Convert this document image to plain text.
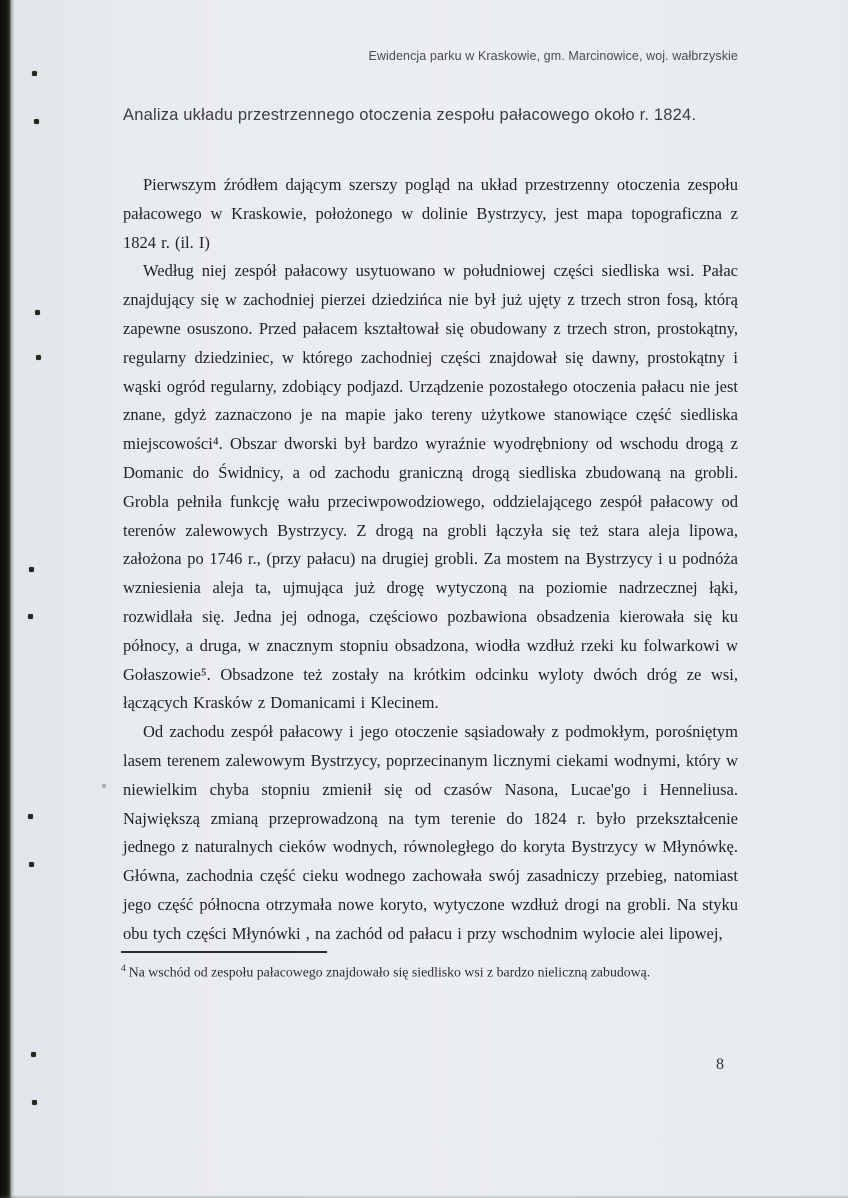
Ewidencja parku w Kraskowie, gm. Marcinowice, woj. wałbrzyskie
Analiza układu przestrzennego otoczenia zespołu pałacowego około r. 1824.

Pierwszym źródłem dającym szerszy pogląd na układ przestrzenny otoczenia zespołu pałacowego w Kraskowie, położonego w dolinie Bystrzycy, jest mapa topograficzna z 1824 r. (il. I)

Według niej zespół pałacowy usytuowano w południowej części siedliska wsi. Pałac znajdujący się w zachodniej pierzei dziedzińca nie był już ujęty z trzech stron fosą, którą zapewne osuszono. Przed pałacem kształtował się obudowany z trzech stron, prostokątny, regularny dziedziniec, w którego zachodniej części znajdował się dawny, prostokątny i wąski ogród regularny, zdobiący podjazd. Urządzenie pozostałego otoczenia pałacu nie jest znane, gdyż zaznaczono je na mapie jako tereny użytkowe stanowiące część siedliska miejscowości⁴. Obszar dworski był bardzo wyraźnie wyodrębniony od wschodu drogą z Domanic do Świdnicy, a od zachodu graniczną drogą siedliska zbudowaną na grobli. Grobla pełniła funkcję wału przeciwpowodziowego, oddzielającego zespół pałacowy od terenów zalewowych Bystrzycy. Z drogą na grobli łączyła się też stara aleja lipowa, założona po 1746 r., (przy pałacu) na drugiej grobli. Za mostem na Bystrzycy i u podnóża wzniesienia aleja ta, ujmująca już drogę wytyczoną na poziomie nadrzecznej łąki, rozwidlała się. Jedna jej odnoga, częściowo pozbawiona obsadzenia kierowała się ku północy, a druga, w znacznym stopniu obsadzona, wiodła wzdłuż rzeki ku folwarkowi w Gołaszowie⁵. Obsadzone też zostały na krótkim odcinku wyloty dwóch dróg ze wsi, łączących Krasków z Domanicami i Klecinem.

Od zachodu zespół pałacowy i jego otoczenie sąsiadowały z podmokłym, porośniętym lasem terenem zalewowym Bystrzycy, poprzecinanym licznymi ciekami wodnymi, który w niewielkim chyba stopniu zmienił się od czasów Nasona, Lucae'go i Henneliusa. Największą zmianą przeprowadzoną na tym terenie do 1824 r. było przekształcenie jednego z naturalnych cieków wodnych, równoległego do koryta Bystrzycy w Młynówkę. Główna, zachodnia część cieku wodnego zachowała swój zasadniczy przebieg, natomiast jego część północna otrzymała nowe koryto, wytyczone wzdłuż drogi na grobli. Na styku obu tych części Młynówki , na zachód od pałacu i przy wschodnim wylocie alei lipowej,

$^4$ Na wschód od zespołu pałacowego znajdowało się siedlisko wsi z bardzo nieliczną zabudową.
8
